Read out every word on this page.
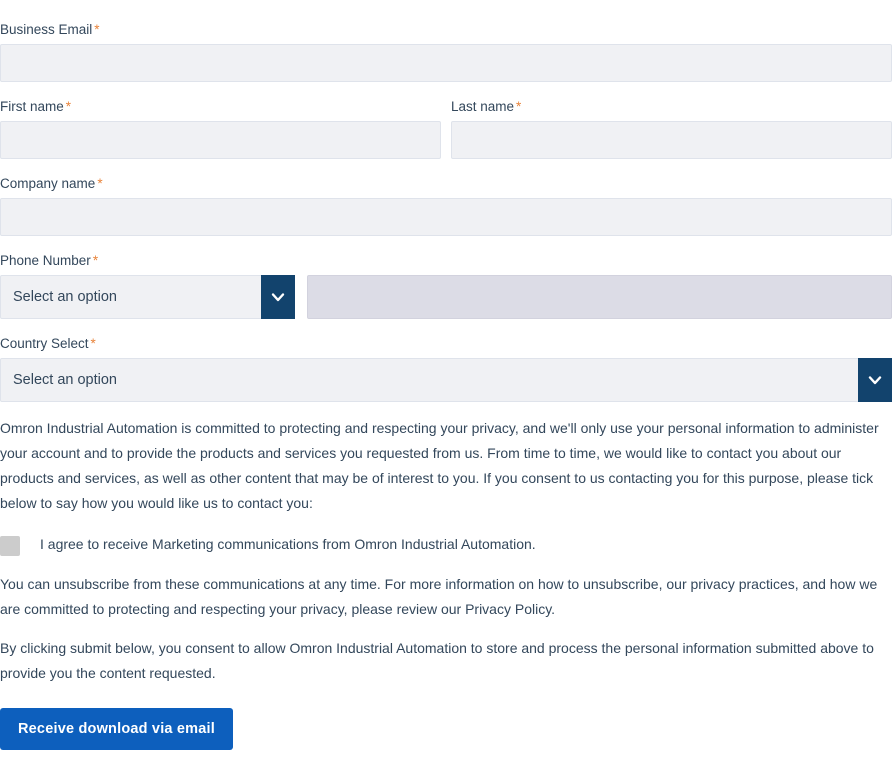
Business Email *
First name *	Last name *
Company name *
Phone Number *
Select an option
Country Select *
Select an option

Omron Industrial Automation is committed to protecting and respecting your privacy, and we'll only use your personal information to administer your account and to provide the products and services you requested from us. From time to time, we would like to contact you about our products and services, as well as other content that may be of interest to you. If you consent to us contacting you for this purpose, please tick below to say how you would like us to contact you:

I agree to receive Marketing communications from Omron Industrial Automation.

You can unsubscribe from these communications at any time. For more information on how to unsubscribe, our privacy practices, and how we are committed to protecting and respecting your privacy, please review our Privacy Policy.

By clicking submit below, you consent to allow Omron Industrial Automation to store and process the personal information submitted above to provide you the content requested.

Receive download via email
